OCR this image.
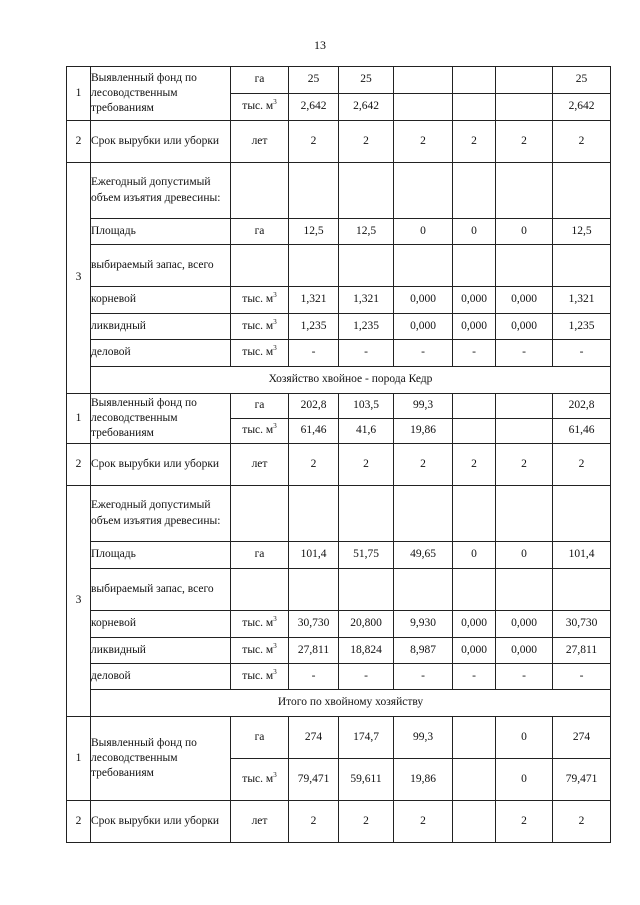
13
1	Выявленный фонд по лесоводственным требованиям	га	25	25				25
		тыс. $м^3$	2,642	2,642				2,642
2	Срок вырубки или уборки	лет	2	2	2	2	2	2
3	Ежегодный допустимый объем изъятия древесины:							
	Площадь	га	12,5	12,5	0	0	0	12,5
	выбираемый запас, всего							
	корневой	тыс. $м^3$	1,321	1,321	0,000	0,000	0,000	1,321
	ликвидный	тыс. $м^3$	1,235	1,235	0,000	0,000	0,000	1,235
	деловой	тыс. $м^3$	-	-	-	-	-	-
	Хозяйство хвойное - порода Кедр							
1	Выявленный фонд по лесоводственным требованиям	га	202,8	103,5	99,3			202,8
		тыс. $м^3$	61,46	41,6	19,86			61,46
2	Срок вырубки или уборки	лет	2	2	2	2	2	2
3	Ежегодный допустимый объем изъятия древесины:							
	Площадь	га	101,4	51,75	49,65	0	0	101,4
	выбираемый запас, всего							
	корневой	тыс. $м^3$	30,730	20,800	9,930	0,000	0,000	30,730
	ликвидный	тыс. $м^3$	27,811	18,824	8,987	0,000	0,000	27,811
	деловой	тыс. $м^3$	-	-	-	-	-	-
	Итого по хвойному хозяйству							
1	Выявленный фонд по лесоводственным требованиям	га	274	174,7	99,3		0	274
		тыс. $м^3$	79,471	59,611	19,86		0	79,471
2	Срок вырубки или уборки	лет	2	2	2		2	2
